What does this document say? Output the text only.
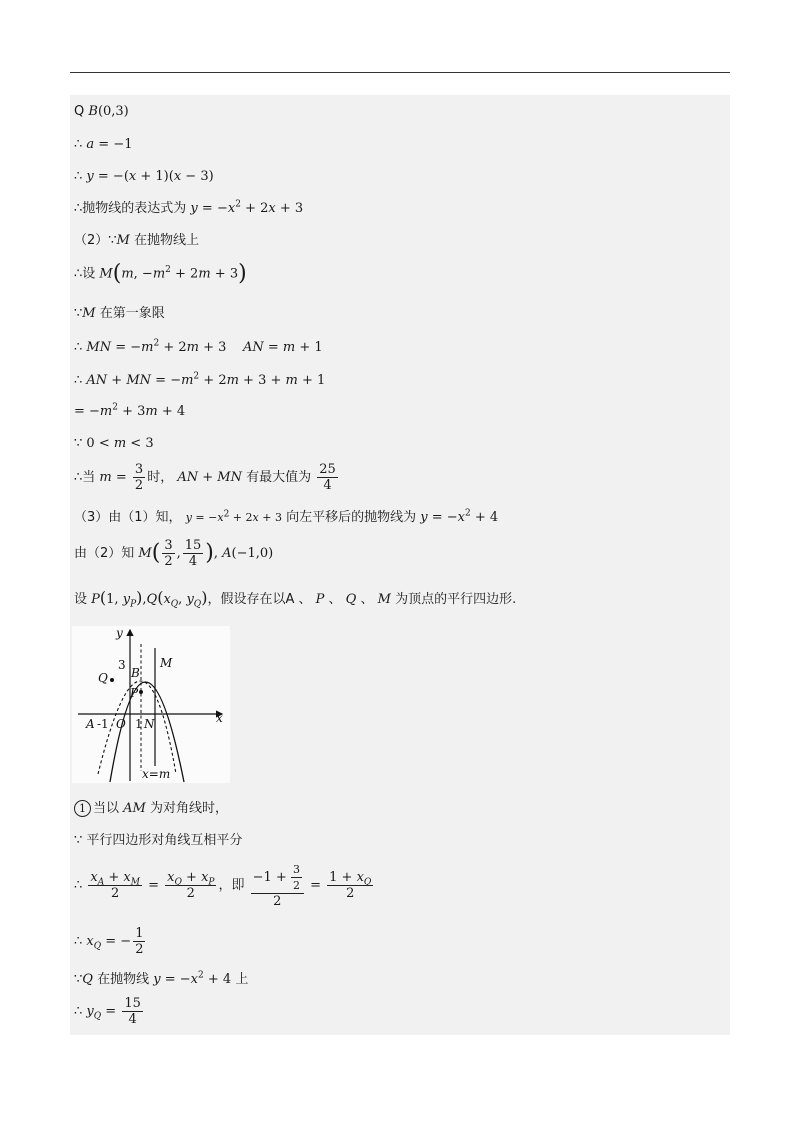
Q B(0,3)
∴ a = −1
∴ y = −(x + 1)(x − 3)
∴抛物线的表达式为 $y = -x^2 + 2x + 3$
（2）∵M 在抛物线上
∴设 M(m, $-m^2 + 2m + 3$)
∵M 在第一象限
∴ MN = $-m^2 + 2m + 3$    AN = m + 1
∴ AN + MN = $-m^2 + 2m + 3 + m + 1$
= $-m^2 + 3m + 4$
∵ 0 < m < 3
∴当 $m = \frac{3}{2}$ 时， AN + MN 有最大值为 $\frac{25}{4}$
（3）由（1）知， $y = -x^2 + 2x + 3$ 向左平移后的抛物线为 $y = -x^2 + 4$
由（2）知 $M( \frac{3}{2}$ , $\frac{15}{4}$ ), A(−1,0)
设 P(1, $y_P),Q(x_Q$, $y_Q$)，假设存在以A 、 P 、 Q 、 M 为顶点的平行四边形.
y
x
3
B
M
Q
P
A -1 O 1 N
x=m
1 当以 AM 为对角线时，
∵ 平行四边形对角线互相平分
∴ $\frac{x_A + x_M}{2} = \frac{x_Q + x_P}{2}$ ，即 $\frac{-1 + \frac{3}{2}}{2} = \frac{1 + x_Q}{2}$
∴ $x_Q$ = − $\frac{1}{2}$
∵Q 在抛物线 $y = -x^2 + 4$ 上
∴ $y_Q = \frac{15}{4}$
